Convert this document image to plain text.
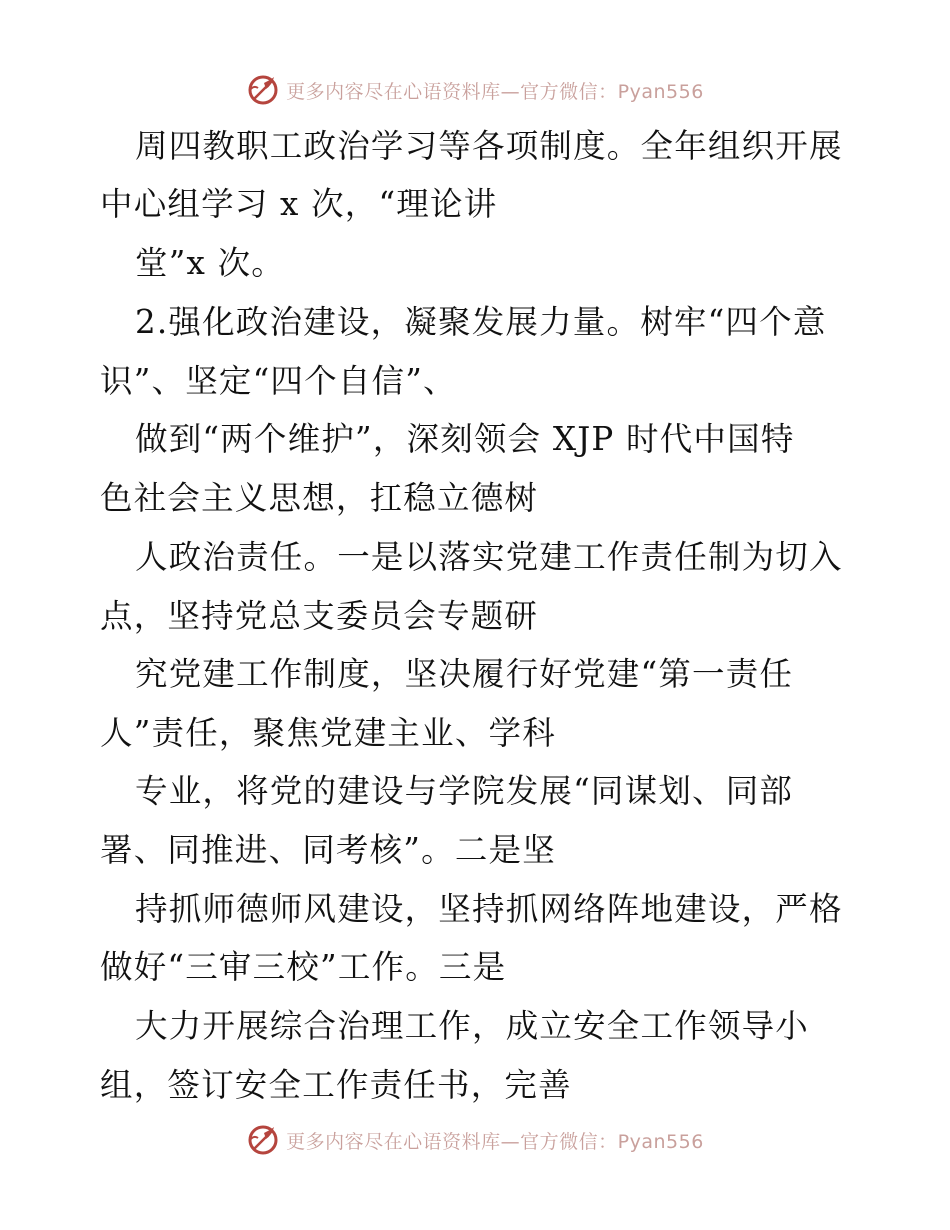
更多内容尽在心语资料库—官方微信：Pyan556
周四教职工政治学习等各项制度。全年组织开展
中心组学习 x 次，“理论讲
堂”x 次。
2.强化政治建设，凝聚发展力量。树牢“四个意
识”、坚定“四个自信”、
做到“两个维护”，深刻领会 XJP 时代中国特
色社会主义思想，扛稳立德树
人政治责任。一是以落实党建工作责任制为切入
点，坚持党总支委员会专题研
究党建工作制度，坚决履行好党建“第一责任
人”责任，聚焦党建主业、学科
专业，将党的建设与学院发展“同谋划、同部
署、同推进、同考核”。二是坚
持抓师德师风建设，坚持抓网络阵地建设，严格
做好“三审三校”工作。三是
大力开展综合治理工作，成立安全工作领导小
组，签订安全工作责任书，完善
更多内容尽在心语资料库—官方微信：Pyan556
